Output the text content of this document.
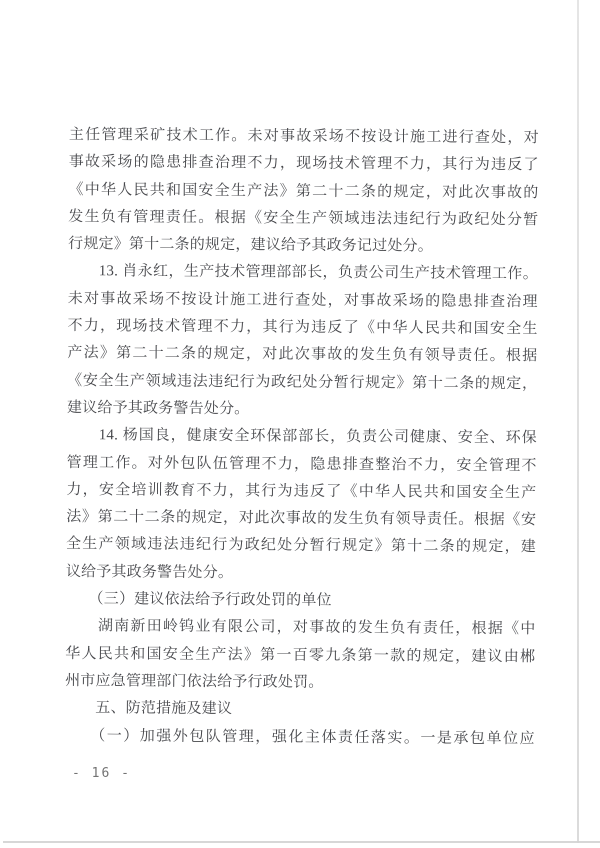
主任管理采矿技术工作。未对事故采场不按设计施工进行查处，对
事故采场的隐患排查治理不力，现场技术管理不力，其行为违反了
《中华人民共和国安全生产法》第二十二条的规定，对此次事故的
发生负有管理责任。根据《安全生产领域违法违纪行为政纪处分暂
行规定》第十二条的规定，建议给予其政务记过处分。
　　13. 肖永红，生产技术管理部部长，负责公司生产技术管理工作。
未对事故采场不按设计施工进行查处，对事故采场的隐患排查治理
不力，现场技术管理不力，其行为违反了《中华人民共和国安全生
产法》第二十二条的规定，对此次事故的发生负有领导责任。根据
《安全生产领域违法违纪行为政纪处分暂行规定》第十二条的规定，
建议给予其政务警告处分。
　　14. 杨国良，健康安全环保部部长，负责公司健康、安全、环保
管理工作。对外包队伍管理不力，隐患排查整治不力，安全管理不
力，安全培训教育不力，其行为违反了《中华人民共和国安全生产
法》第二十二条的规定，对此次事故的发生负有领导责任。根据《安
全生产领域违法违纪行为政纪处分暂行规定》第十二条的规定，建
议给予其政务警告处分。
　　（三）建议依法给予行政处罚的单位
　　湖南新田岭钨业有限公司，对事故的发生负有责任，根据《中
华人民共和国安全生产法》第一百零九条第一款的规定，建议由郴
州市应急管理部门依法给予行政处罚。
　　五、防范措施及建议
　　（一）加强外包队管理，强化主体责任落实。一是承包单位应
- 16 -
